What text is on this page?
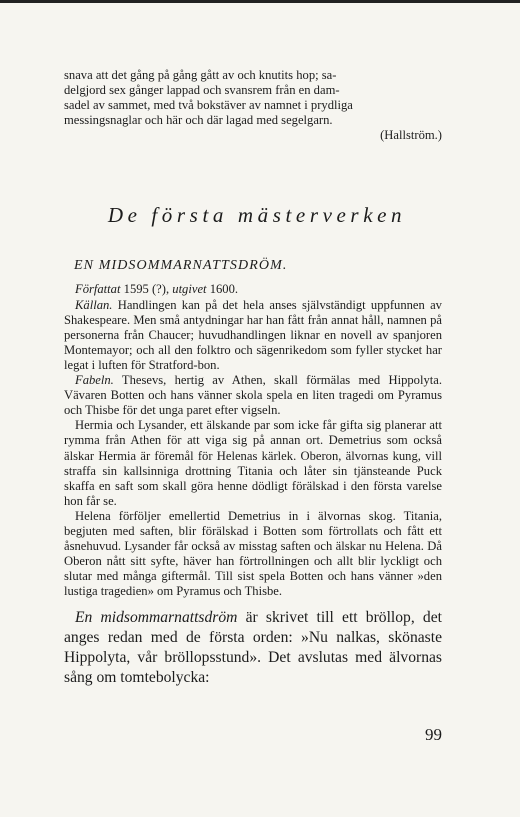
snava att det gång på gång gått av och knutits hop; sa-
delgjord sex gånger lappad och svansrem från en dam-
sadel av sammet, med två bokstäver av namnet i prydliga
messingsnaglar och här och där lagad med segelgarn.
(Hallström.)
De första mästerverken
EN MIDSOMMARNATTSDRÖM.

Författat 1595 (?), utgivet 1600.

Källan. Handlingen kan på det hela anses självständigt uppfunnen av Shakespeare. Men små antydningar har han fått från annat håll, namnen på personerna från Chaucer; huvudhandlingen liknar en novell av spanjoren Montemayor; och all den folktro och sägenrikedom som fyller stycket har legat i luften för Stratford-bon.

Fabeln. Thesevs, hertig av Athen, skall förmälas med Hippolyta. Vävaren Botten och hans vänner skola spela en liten tragedi om Pyramus och Thisbe för det unga paret efter vigseln.

Hermia och Lysander, ett älskande par som icke får gifta sig planerar att rymma från Athen för att viga sig på annan ort. Demetrius som också älskar Hermia är föremål för Helenas kärlek. Oberon, älvornas kung, vill straffa sin kallsinniga drottning Titania och låter sin tjänsteande Puck skaffa en saft som skall göra henne dödligt förälskad i den första varelse hon får se.

Helena förföljer emellertid Demetrius in i älvornas skog. Titania, begjuten med saften, blir förälskad i Botten som förtrollats och fått ett åsnehuvud. Lysander får också av misstag saften och älskar nu Helena. Då Oberon nått sitt syfte, häver han förtrollningen och allt blir lyckligt och slutar med många giftermål. Till sist spela Botten och hans vänner »den lustiga tragedien» om Pyramus och Thisbe.

En midsommarnattsdröm är skrivet till ett bröllop, det anges redan med de första orden: »Nu nalkas, skönaste Hippolyta, vår bröllopsstund». Det avslutas med älvornas sång om tomtebolycka:

99
